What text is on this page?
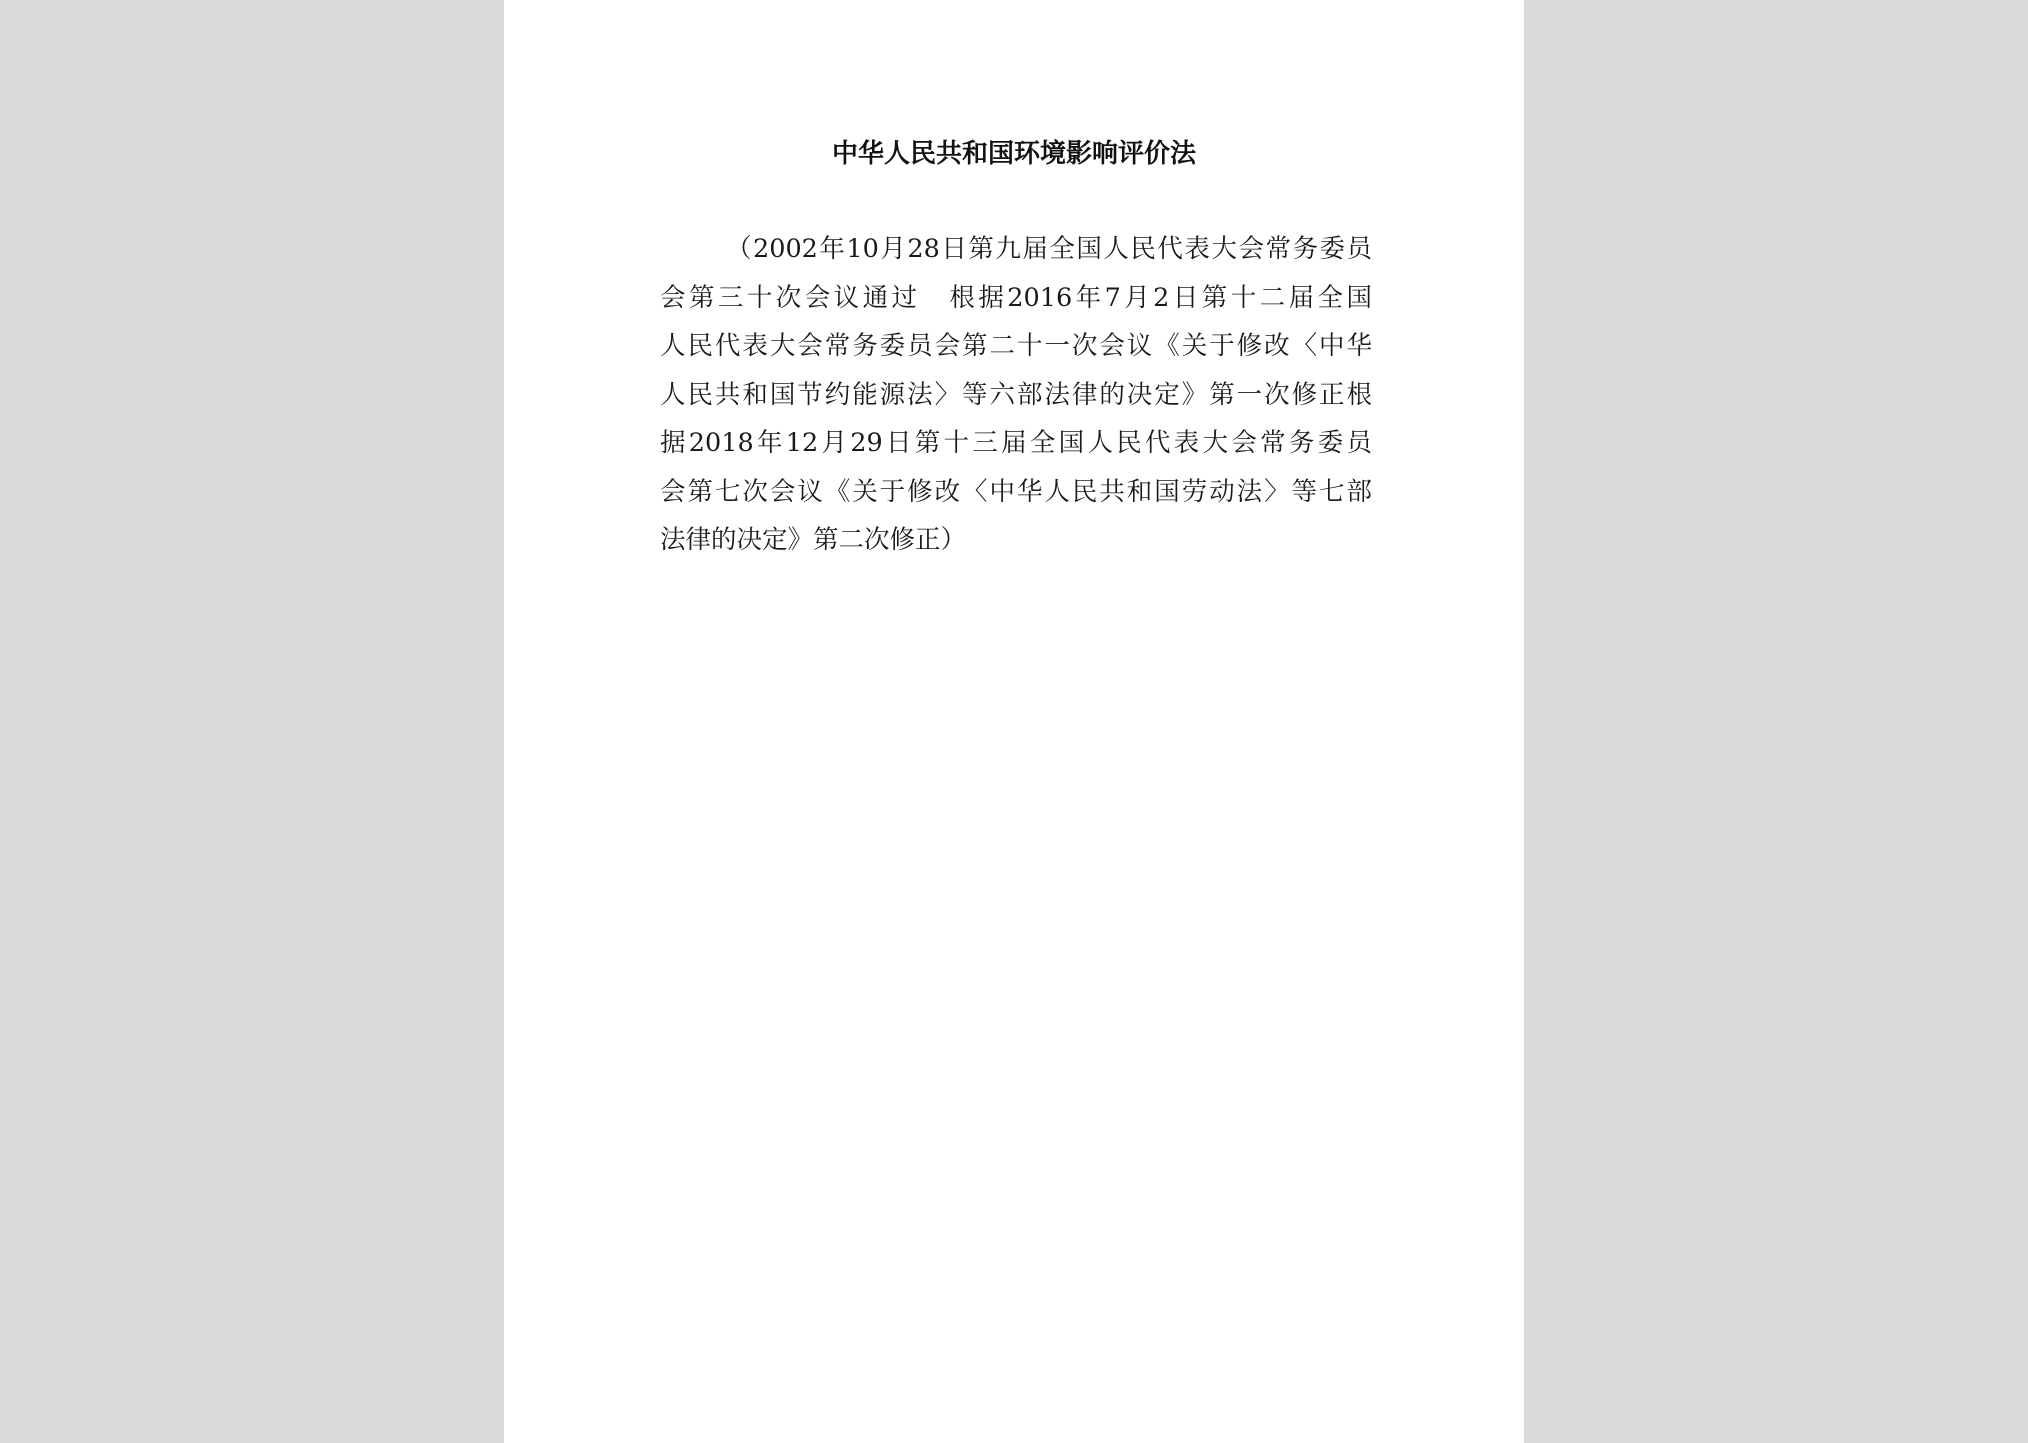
中华人民共和国环境影响评价法

（2002年10月28日第九届全国人民代表大会常务委员
会第三十次会议通过　根据2016年7月2日第十二届全国
人民代表大会常务委员会第二十一次会议《关于修改〈中华
人民共和国节约能源法〉等六部法律的决定》第一次修正根
据2018年12月29日第十三届全国人民代表大会常务委员
会第七次会议《关于修改〈中华人民共和国劳动法〉等七部
法律的决定》第二次修正）
